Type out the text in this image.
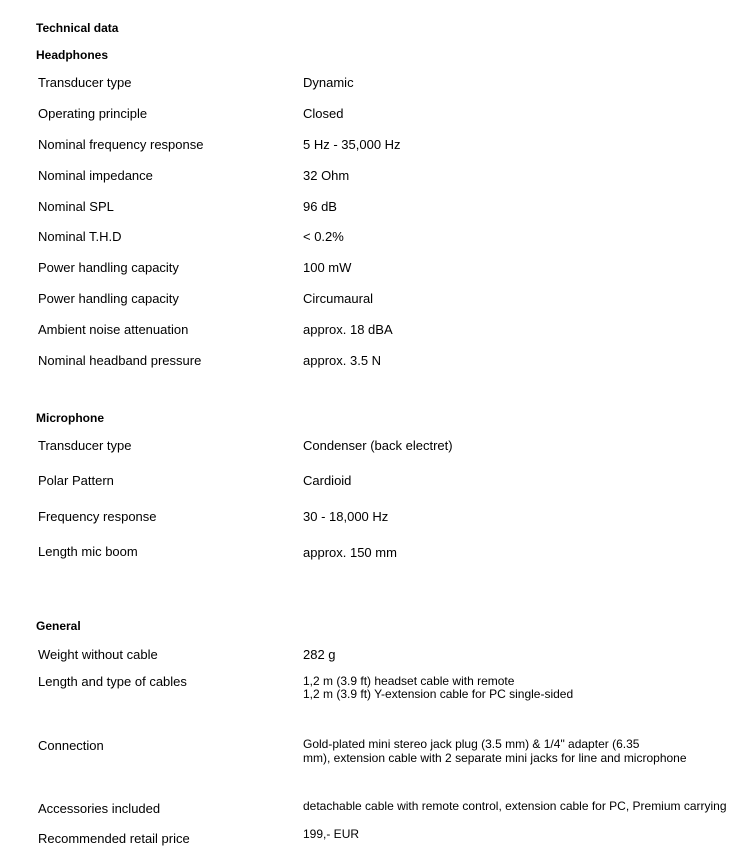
Technical data
Headphones
Transducer type	Dynamic
Operating principle	Closed
Nominal frequency response	5 Hz - 35,000 Hz
Nominal impedance	32 Ohm
Nominal SPL	96 dB
Nominal T.H.D	< 0.2%
Power handling capacity	100 mW
Power handling capacity	Circumaural
Ambient noise attenuation	approx. 18 dBA
Nominal headband pressure	approx. 3.5 N
Microphone
Transducer type	Condenser (back electret)
Polar Pattern	Cardioid
Frequency response	30 - 18,000 Hz
Length mic boom	approx. 150 mm
General
Weight without cable	282 g
Length and type of cables	1,2 m (3.9 ft) headset cable with remote
1,2 m (3.9 ft) Y-extension cable for PC single-sided
Connection	Gold-plated mini stereo jack plug (3.5 mm) & 1/4" adapter (6.35
mm), extension cable with 2 separate mini jacks for line and microphone
Accessories included	detachable cable with remote control, extension cable for PC, Premium carrying
Recommended retail price	199,- EUR
